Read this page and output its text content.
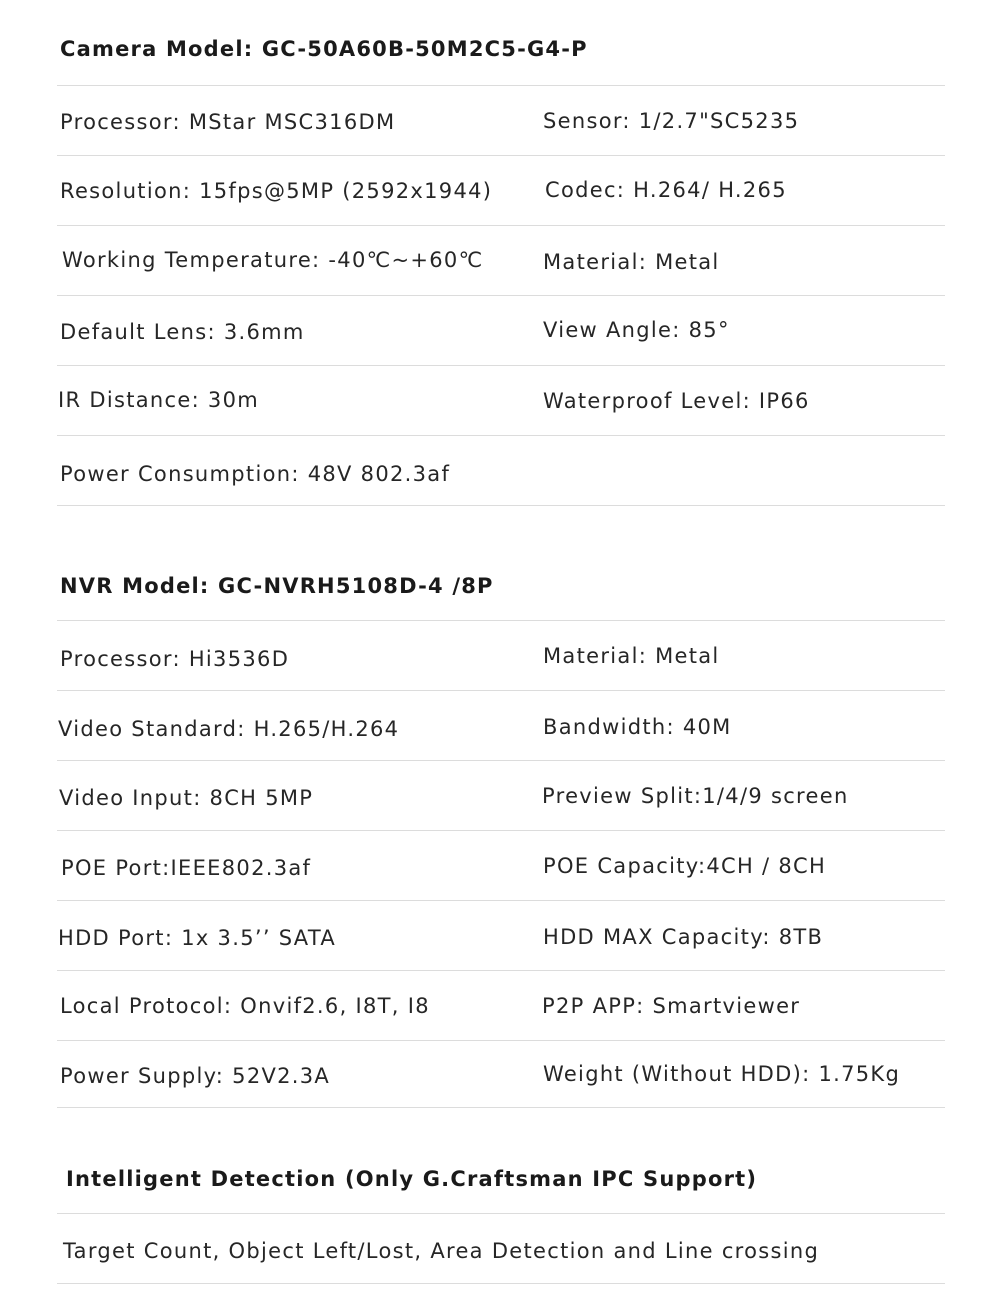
Camera Model: GC-50A60B-50M2C5-G4-P
Processor: MStar MSC316DM	Sensor: 1/2.7"SC5235
Resolution: 15fps@5MP (2592x1944)	Codec: H.264/ H.265
Working Temperature: -40℃~+60℃	Material: Metal
Default Lens: 3.6mm	View Angle: 85°
IR Distance: 30m	Waterproof Level: IP66
Power Consumption: 48V 802.3af
NVR Model: GC-NVRH5108D-4 /8P
Processor: Hi3536D	Material: Metal
Video Standard: H.265/H.264	Bandwidth: 40M
Video Input: 8CH 5MP	Preview Split:1/4/9 screen
POE Port:IEEE802.3af	POE Capacity:4CH / 8CH
HDD Port: 1x 3.5’’ SATA	HDD MAX Capacity: 8TB
Local Protocol: Onvif2.6, I8T, I8	P2P APP: Smartviewer
Power Supply: 52V2.3A	Weight (Without HDD): 1.75Kg
Intelligent Detection (Only G.Craftsman IPC Support)
Target Count, Object Left/Lost, Area Detection and Line crossing
